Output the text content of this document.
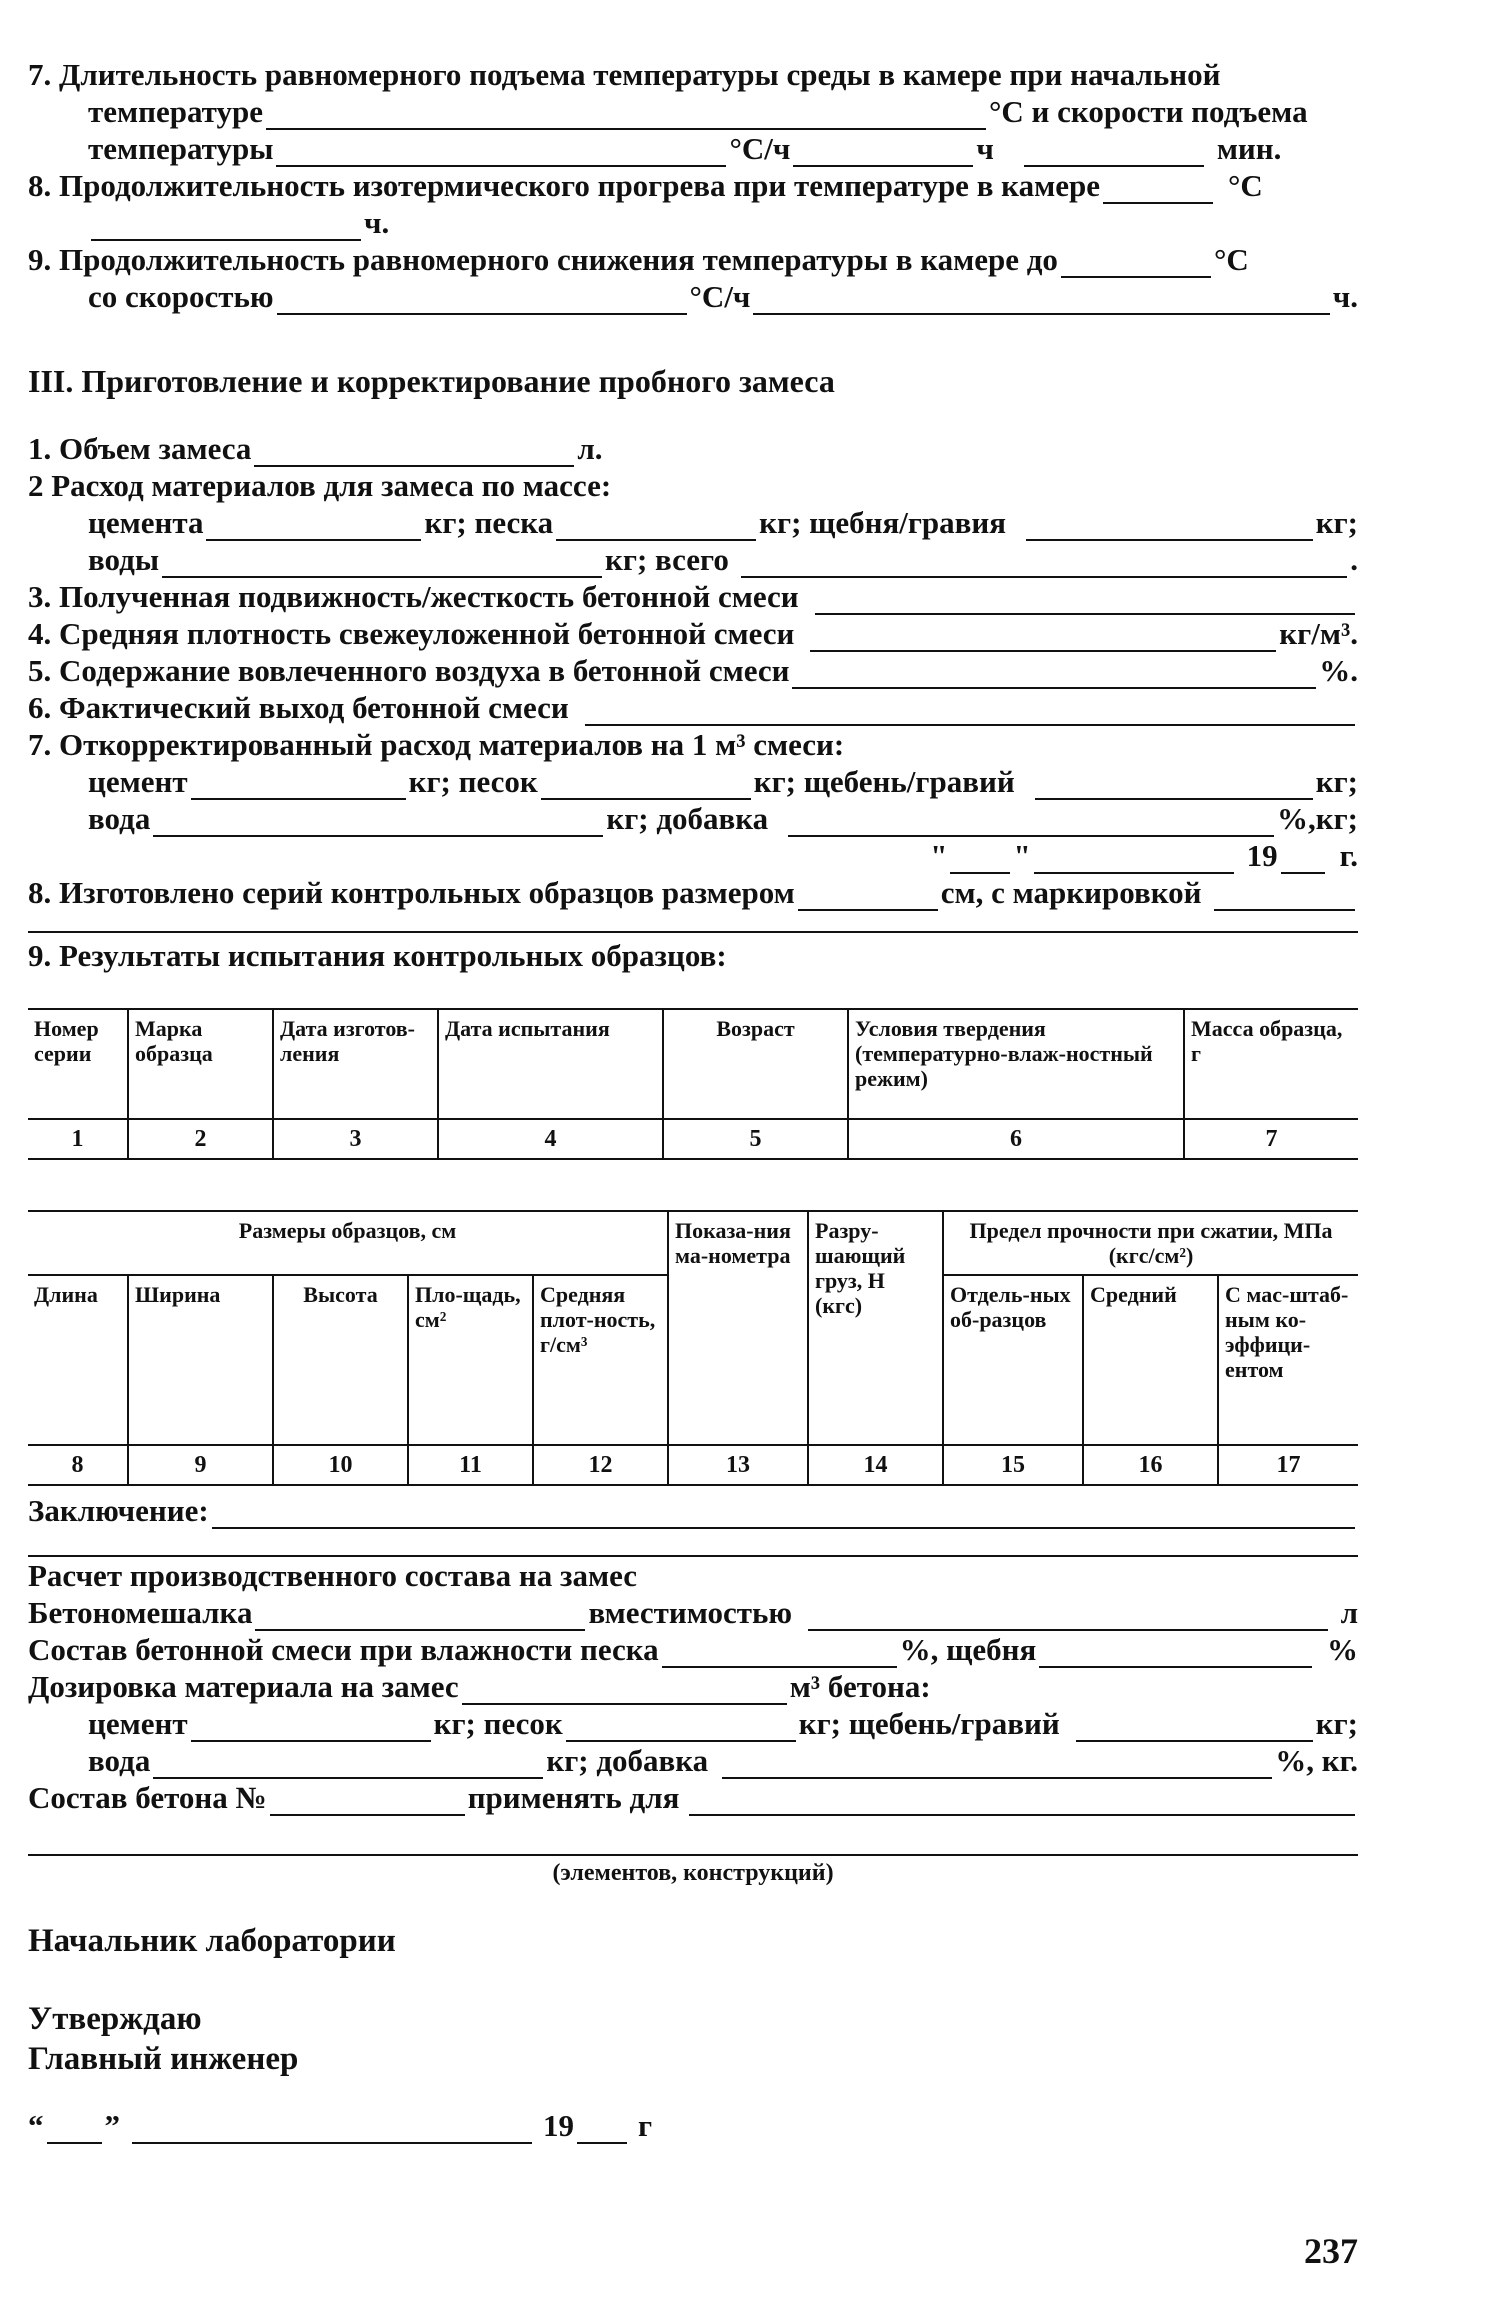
7. Длительность равномерного подъема температуры среды в камере при начальной
температуре	°С и скорости подъема
температуры	°С/ч	ч	мин.
8. Продолжительность изотермического прогрева при температуре в камере	°С
ч.
9. Продолжительность равномерного снижения температуры в камере до	°С
со скоростью	°С/ч	ч.
III. Приготовление и корректирование пробного замеса
1. Объем замеса	л.
2 Расход материалов для замеса по массе:
цемента	кг; песка	кг; щебня/гравия	кг;
воды	кг; всего	.
3. Полученная подвижность/жесткость бетонной смеси
4. Средняя плотность свежеуложенной бетонной смеси	кг/м³.
5. Содержание вовлеченного воздуха в бетонной смеси	%.
6. Фактический выход бетонной смеси
7. Откорректированный расход материалов на 1 м³ смеси:
цемент	кг; песок	кг; щебень/гравий	кг;
вода	кг; добавка	%,кг;
" "	19 г.
8. Изготовлено серий контрольных образцов размером	см, с маркировкой
9. Результаты испытания контрольных образцов:
Номер серии	Марка образца	Дата изготов-ления	Дата испытания	Возраст	Условия твердения (температурно-влаж-ностный режим)	Масса образца, г
1	2	3	4	5	6	7
Размеры образцов, см					Показа-ния ма-нометра	Разру-шающий груз, Н (кгс)	Предел прочности при сжатии, МПа (кгс/см²)		
Длина	Ширина	Высота	Пло-щадь, см²	Средняя плот-ность, г/см³			Отдель-ных об-разцов	Средний	С мас-штаб-ным ко-эффици-ентом
8	9	10	11	12	13	14	15	16	17
Заключение:
Расчет производственного состава на замес
Бетономешалка	вместимостью	л
Состав бетонной смеси при влажности песка	%, щебня	%
Дозировка материала на замес	м³ бетона:
цемент	кг; песок	кг; щебень/гравий	кг;
вода	кг; добавка	%, кг.
Состав бетона №	применять для
(элементов, конструкций)
Начальник лаборатории
Утверждаю
Главный инженер
“ ”	19 г
237
